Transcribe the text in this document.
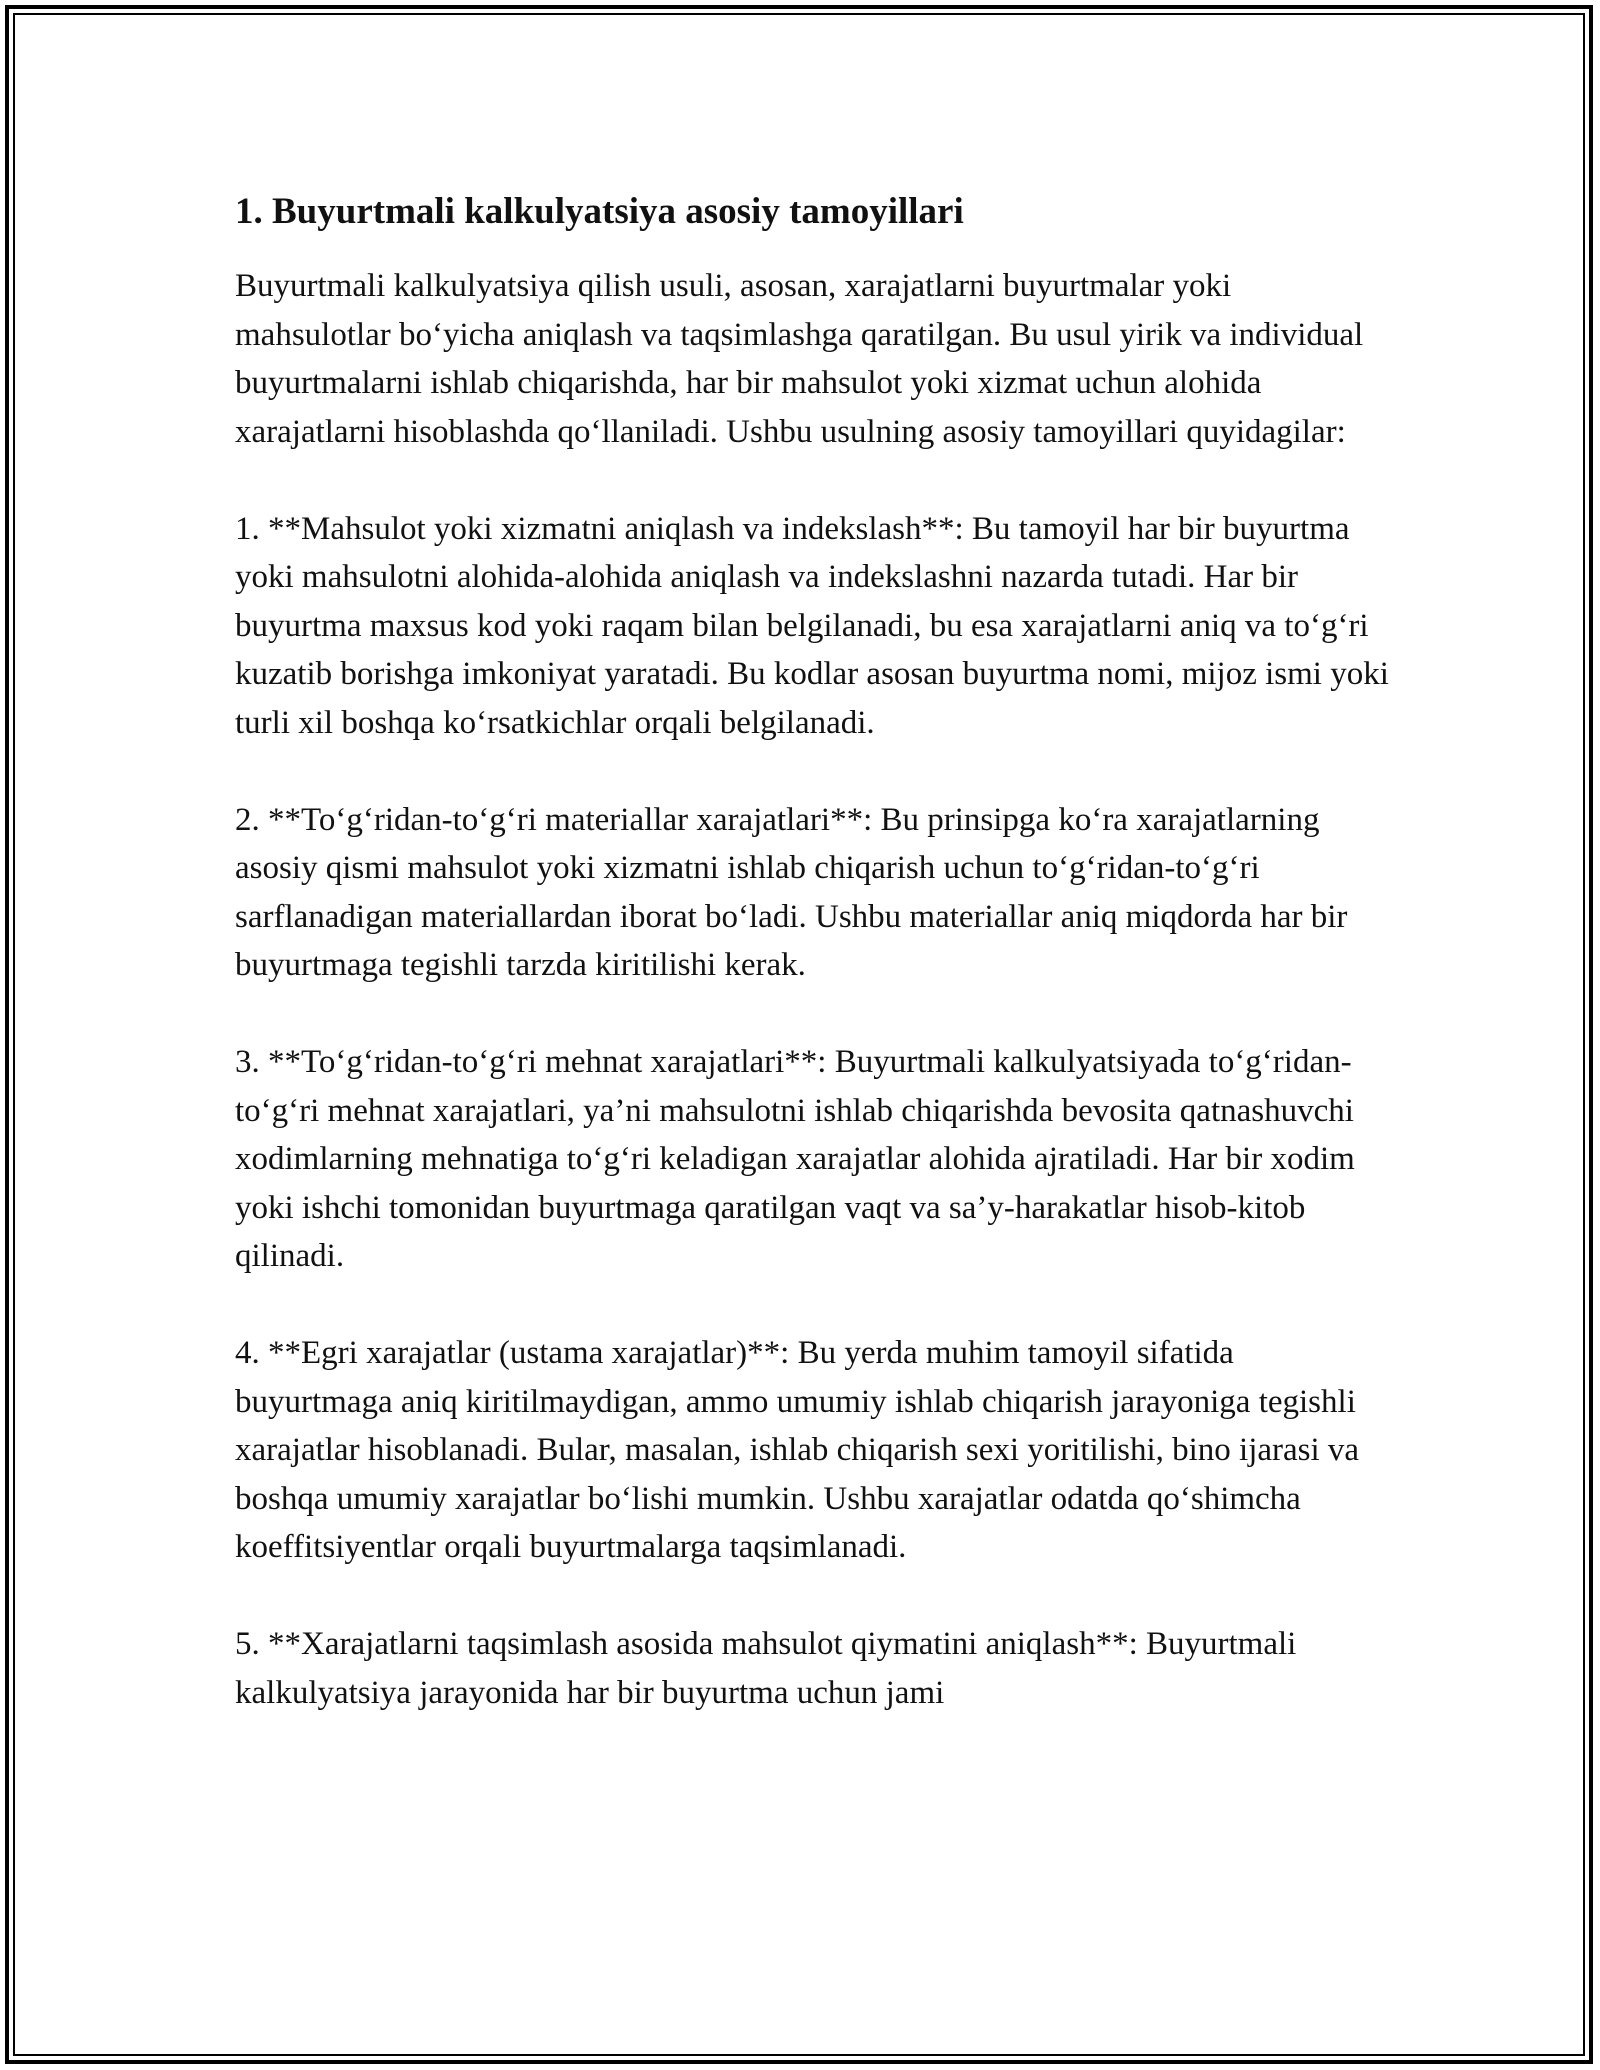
1. Buyurtmali kalkulyatsiya asosiy tamoyillari

Buyurtmali kalkulyatsiya qilish usuli, asosan, xarajatlarni buyurtmalar yoki mahsulotlar bo‘yicha aniqlash va taqsimlashga qaratilgan. Bu usul yirik va individual buyurtmalarni ishlab chiqarishda, har bir mahsulot yoki xizmat uchun alohida xarajatlarni hisoblashda qo‘llaniladi. Ushbu usulning asosiy tamoyillari quyidagilar:

1. **Mahsulot yoki xizmatni aniqlash va indekslash**: Bu tamoyil har bir buyurtma yoki mahsulotni alohida-alohida aniqlash va indekslashni nazarda tutadi. Har bir buyurtma maxsus kod yoki raqam bilan belgilanadi, bu esa xarajatlarni aniq va to‘g‘ri kuzatib borishga imkoniyat yaratadi. Bu kodlar asosan buyurtma nomi, mijoz ismi yoki turli xil boshqa ko‘rsatkichlar orqali belgilanadi.

2. **To‘g‘ridan-to‘g‘ri materiallar xarajatlari**: Bu prinsipga ko‘ra xarajatlarning asosiy qismi mahsulot yoki xizmatni ishlab chiqarish uchun to‘g‘ridan-to‘g‘ri sarflanadigan materiallardan iborat bo‘ladi. Ushbu materiallar aniq miqdorda har bir buyurtmaga tegishli tarzda kiritilishi kerak.

3. **To‘g‘ridan-to‘g‘ri mehnat xarajatlari**: Buyurtmali kalkulyatsiyada to‘g‘ridan-to‘g‘ri mehnat xarajatlari, ya’ni mahsulotni ishlab chiqarishda bevosita qatnashuvchi xodimlarning mehnatiga to‘g‘ri keladigan xarajatlar alohida ajratiladi. Har bir xodim yoki ishchi tomonidan buyurtmaga qaratilgan vaqt va sa’y-harakatlar hisob-kitob qilinadi.

4. **Egri xarajatlar (ustama xarajatlar)**: Bu yerda muhim tamoyil sifatida buyurtmaga aniq kiritilmaydigan, ammo umumiy ishlab chiqarish jarayoniga tegishli xarajatlar hisoblanadi. Bular, masalan, ishlab chiqarish sexi yoritilishi, bino ijarasi va boshqa umumiy xarajatlar bo‘lishi mumkin. Ushbu xarajatlar odatda qo‘shimcha koeffitsiyentlar orqali buyurtmalarga taqsimlanadi.

5. **Xarajatlarni taqsimlash asosida mahsulot qiymatini aniqlash**: Buyurtmali kalkulyatsiya jarayonida har bir buyurtma uchun jami
